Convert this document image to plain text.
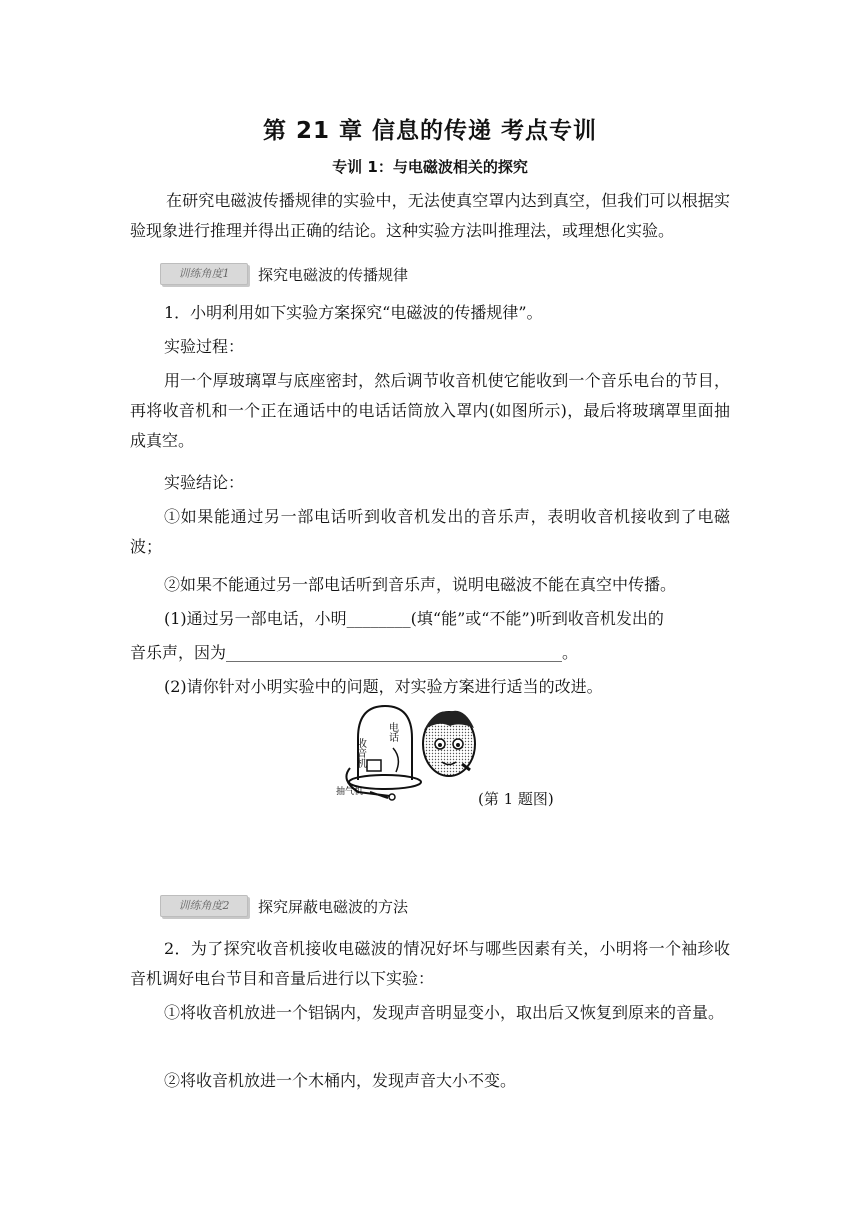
第 21 章 信息的传递 考点专训
专训 1：与电磁波相关的探究
在研究电磁波传播规律的实验中，无法使真空罩内达到真空，但我们可以根据实验现象进行推理并得出正确的结论。这种实验方法叫推理法，或理想化实验。
训练角度1	探究电磁波的传播规律
1．小明利用如下实验方案探究“电磁波的传播规律”。
实验过程：
用一个厚玻璃罩与底座密封，然后调节收音机使它能收到一个音乐电台的节目，再将收音机和一个正在通话中的电话话筒放入罩内(如图所示)，最后将玻璃罩里面抽成真空。
实验结论：
①如果能通过另一部电话听到收音机发出的音乐声，表明收音机接收到了电磁波；
②如果不能通过另一部电话听到音乐声，说明电磁波不能在真空中传播。
(1)通过另一部电话，小明________(填“能”或“不能”)听到收音机发出的
音乐声，因为__________________________________________。
(2)请你针对小明实验中的问题，对实验方案进行适当的改进。
收音机
电话
抽气机	(第 1 题图)
训练角度2	探究屏蔽电磁波的方法
2．为了探究收音机接收电磁波的情况好坏与哪些因素有关，小明将一个袖珍收音机调好电台节目和音量后进行以下实验：
①将收音机放进一个铝锅内，发现声音明显变小，取出后又恢复到原来的音量。
②将收音机放进一个木桶内，发现声音大小不变。
